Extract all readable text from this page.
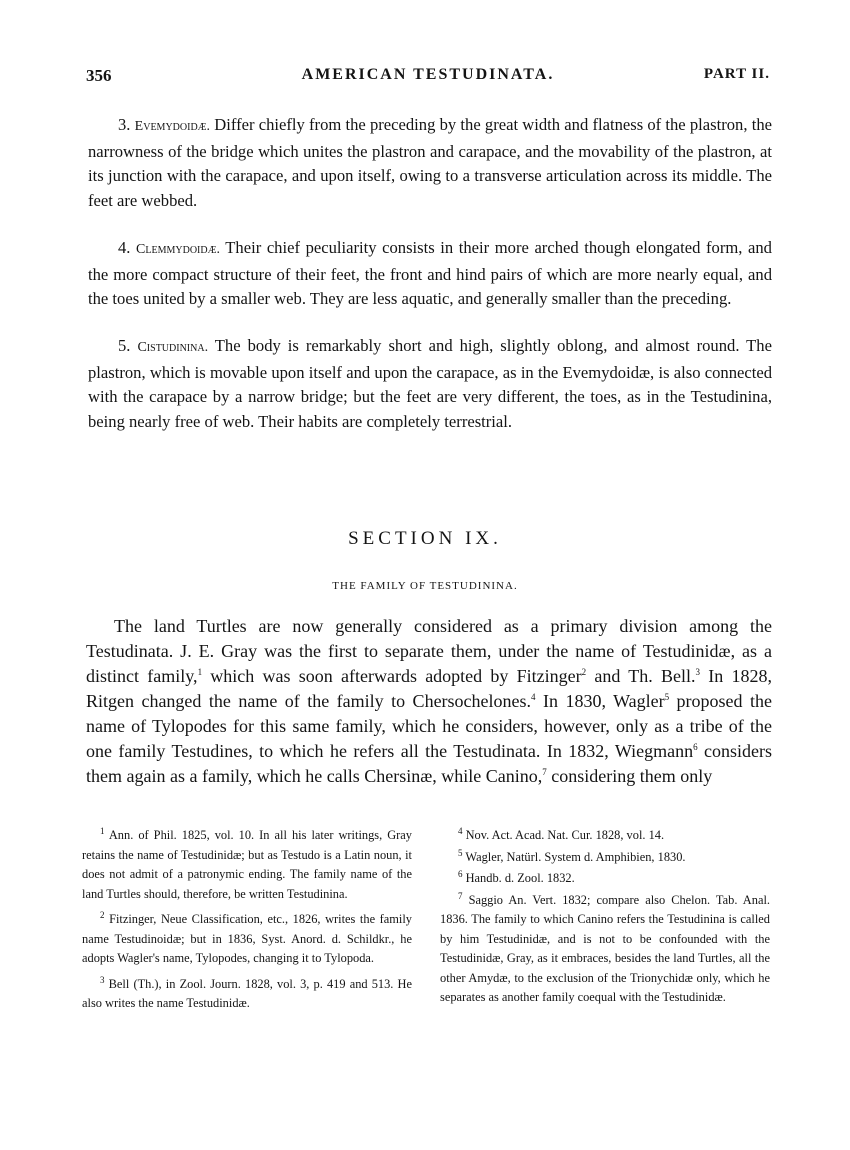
356	AMERICAN TESTUDINATA.	PART II.

3. Evemydoidæ. Differ chiefly from the preceding by the great width and flatness of the plastron, the narrowness of the bridge which unites the plastron and carapace, and the movability of the plastron, at its junction with the carapace, and upon itself, owing to a transverse articulation across its middle. The feet are webbed.

4. Clemmydoidæ. Their chief peculiarity consists in their more arched though elongated form, and the more compact structure of their feet, the front and hind pairs of which are more nearly equal, and the toes united by a smaller web. They are less aquatic, and generally smaller than the preceding.

5. Cistudinina. The body is remarkably short and high, slightly oblong, and almost round. The plastron, which is movable upon itself and upon the carapace, as in the Evemydoidæ, is also connected with the carapace by a narrow bridge; but the feet are very different, the toes, as in the Testudinina, being nearly free of web. Their habits are completely terrestrial.

SECTION IX.
THE FAMILY OF TESTUDININA.

The land Turtles are now generally considered as a primary division among the Testudinata. J. E. Gray was the first to separate them, under the name of Testudinidæ, as a distinct family,$^1$ which was soon afterwards adopted by Fitzinger$^2$ and Th. Bell.$^3$ In 1828, Ritgen changed the name of the family to Chersochelones.$^4$ In 1830, Wagler$^5$ proposed the name of Tylopodes for this same family, which he considers, however, only as a tribe of the one family Testudines, to which he refers all the Testudinata. In 1832, Wiegmann$^6$ considers them again as a family, which he calls Chersinæ, while Canino,$^7$ considering them only

$^1$ Ann. of Phil. 1825, vol. 10. In all his later writings, Gray retains the name of Testudinidæ; but as Testudo is a Latin noun, it does not admit of a patronymic ending. The family name of the land Turtles should, therefore, be written Testudinina.

$^2$ Fitzinger, Neue Classification, etc., 1826, writes the family name Testudinoidæ; but in 1836, Syst. Anord. d. Schildkr., he adopts Wagler's name, Tylopodes, changing it to Tylopoda.

$^3$ Bell (Th.), in Zool. Journ. 1828, vol. 3, p. 419 and 513. He also writes the name Testudinidæ.

$^4$ Nov. Act. Acad. Nat. Cur. 1828, vol. 14.

$^5$ Wagler, Natürl. System d. Amphibien, 1830.

$^6$ Handb. d. Zool. 1832.

$^7$ Saggio An. Vert. 1832; compare also Chelon. Tab. Anal. 1836. The family to which Canino refers the Testudinina is called by him Testudinidæ, and is not to be confounded with the Testudinidæ, Gray, as it embraces, besides the land Turtles, all the other Amydæ, to the exclusion of the Trionychidæ only, which he separates as another family coequal with the Testudinidæ.
